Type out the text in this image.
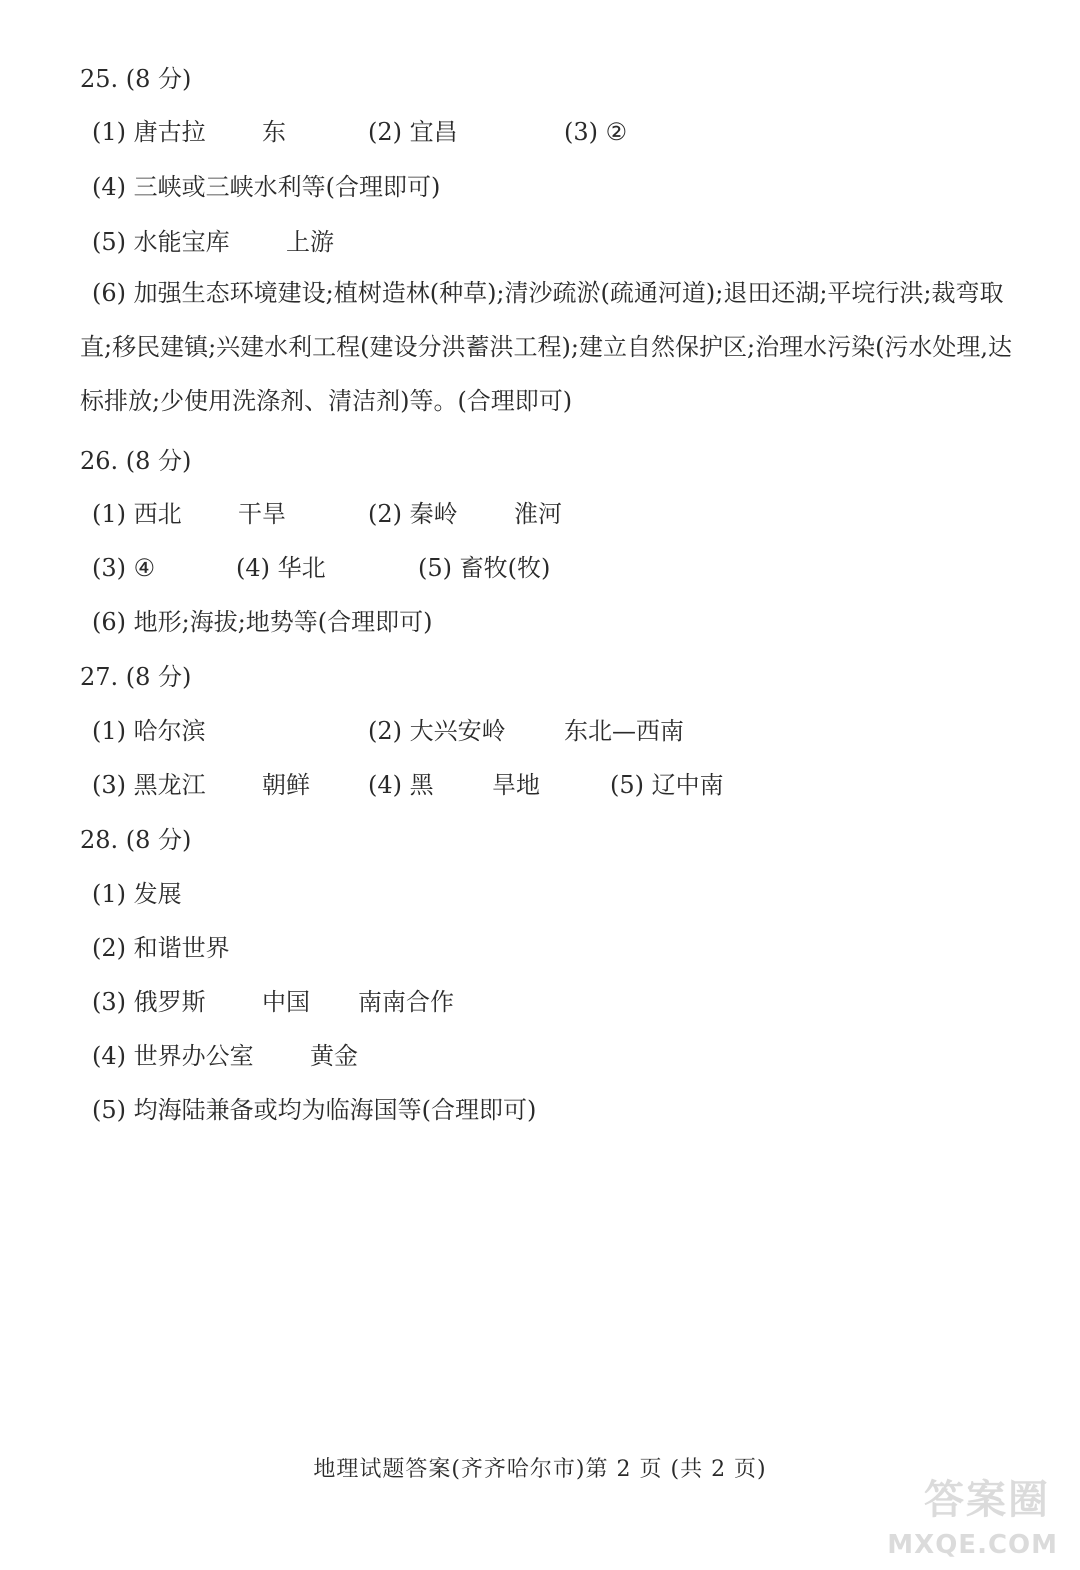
25. (8 分)
(1) 唐古拉 东	(2) 宜昌	(3) ②
(4) 三峡或三峡水利等(合理即可)
(5) 水能宝库 上游
(6) 加强生态环境建设;植树造林(种草);清沙疏淤(疏通河道);退田还湖;平垸行洪;裁弯取直;移民建镇;兴建水利工程(建设分洪蓄洪工程);建立自然保护区;治理水污染(污水处理,达标排放;少使用洗涤剂、清洁剂)等。(合理即可)
26. (8 分)
(1) 西北 干旱	(2) 秦岭 淮河
(3) ④	(4) 华北	(5) 畜牧(牧)
(6) 地形;海拔;地势等(合理即可)
27. (8 分)
(1) 哈尔滨	(2) 大兴安岭 东北—西南
(3) 黑龙江 朝鲜 (4) 黑 旱地	(5) 辽中南
28. (8 分)
(1) 发展
(2) 和谐世界
(3) 俄罗斯 中国 南南合作
(4) 世界办公室 黄金
(5) 均海陆兼备或均为临海国等(合理即可)
地理试题答案(齐齐哈尔市)第 2 页 (共 2 页)
答案圈
MXQE.COM
